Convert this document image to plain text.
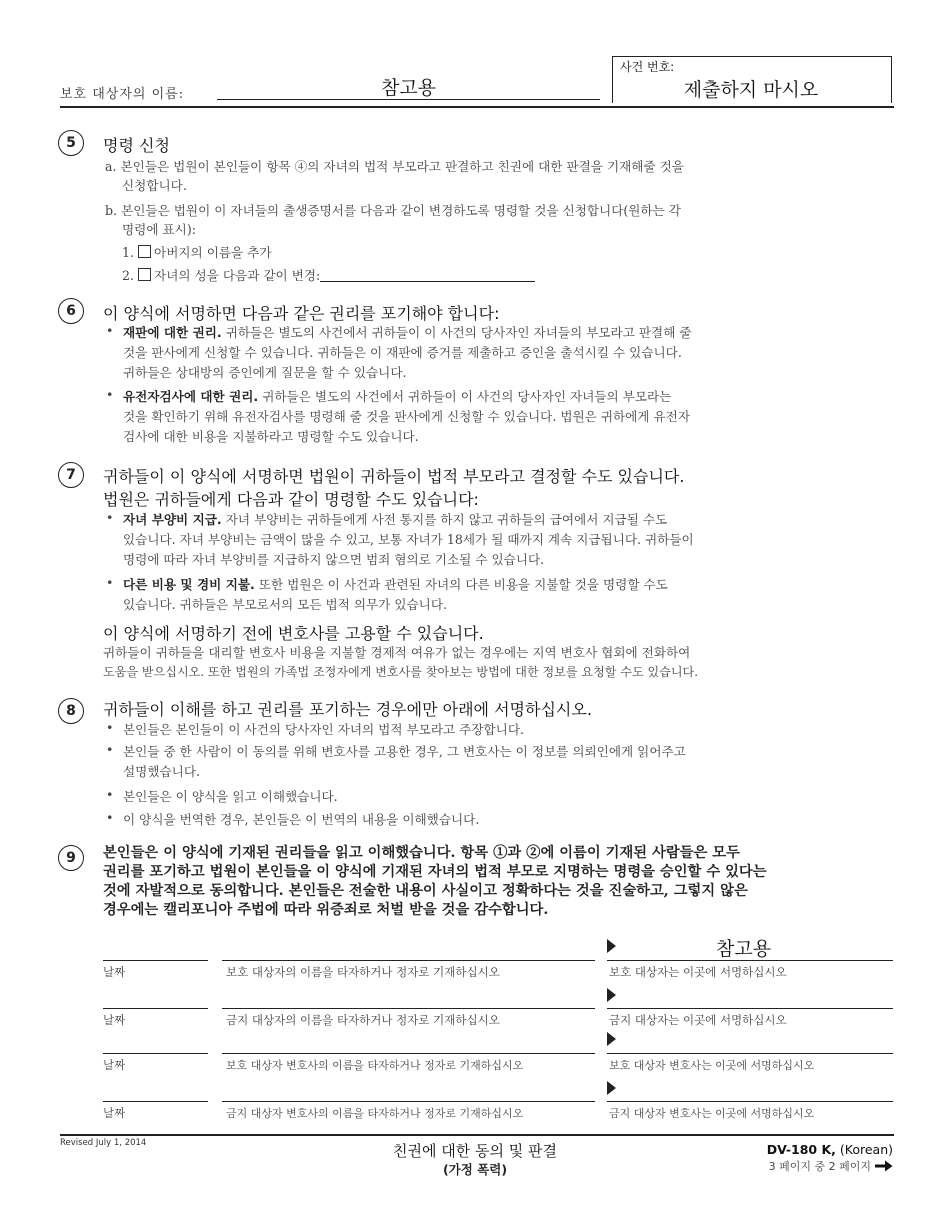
보호 대상자의 이름:	참고용
사건 번호:
제출하지 마시오
5	명령 신청
a. 본인들은 법원이 본인들이 항목 ④의 자녀의 법적 부모라고 판결하고 친권에 대한 판결을 기재해줄 것을
신청합니다.
b. 본인들은 법원이 이 자녀들의 출생증명서를 다음과 같이 변경하도록 명령할 것을 신청합니다(원하는 각
명령에 표시):
1. 아버지의 이름을 추가
2. 자녀의 성을 다음과 같이 변경:
6	이 양식에 서명하면 다음과 같은 권리를 포기해야 합니다:
• 재판에 대한 권리. 귀하들은 별도의 사건에서 귀하들이 이 사건의 당사자인 자녀들의 부모라고 판결해 줄
것을 판사에게 신청할 수 있습니다. 귀하들은 이 재판에 증거를 제출하고 증인을 출석시킬 수 있습니다.
귀하들은 상대방의 증인에게 질문을 할 수 있습니다.
• 유전자검사에 대한 권리. 귀하들은 별도의 사건에서 귀하들이 이 사건의 당사자인 자녀들의 부모라는
것을 확인하기 위해 유전자검사를 명령해 줄 것을 판사에게 신청할 수 있습니다. 법원은 귀하에게 유전자
검사에 대한 비용을 지불하라고 명령할 수도 있습니다.
7	귀하들이 이 양식에 서명하면 법원이 귀하들이 법적 부모라고 결정할 수도 있습니다.
법원은 귀하들에게 다음과 같이 명령할 수도 있습니다:
• 자녀 부양비 지급. 자녀 부양비는 귀하들에게 사전 통지를 하지 않고 귀하들의 급여에서 지급될 수도
있습니다. 자녀 부양비는 금액이 많을 수 있고, 보통 자녀가 18세가 될 때까지 계속 지급됩니다. 귀하들이
명령에 따라 자녀 부양비를 지급하지 않으면 범죄 혐의로 기소될 수 있습니다.
• 다른 비용 및 경비 지불. 또한 법원은 이 사건과 관련된 자녀의 다른 비용을 지불할 것을 명령할 수도
있습니다. 귀하들은 부모로서의 모든 법적 의무가 있습니다.
이 양식에 서명하기 전에 변호사를 고용할 수 있습니다.
귀하들이 귀하들을 대리할 변호사 비용을 지불할 경제적 여유가 없는 경우에는 지역 변호사 협회에 전화하여
도움을 받으십시오. 또한 법원의 가족법 조정자에게 변호사를 찾아보는 방법에 대한 정보를 요청할 수도 있습니다.
8	귀하들이 이해를 하고 권리를 포기하는 경우에만 아래에 서명하십시오.
• 본인들은 본인들이 이 사건의 당사자인 자녀의 법적 부모라고 주장합니다.
• 본인들 중 한 사람이 이 동의를 위해 변호사를 고용한 경우, 그 변호사는 이 정보를 의뢰인에게 읽어주고
설명했습니다.
• 본인들은 이 양식을 읽고 이해했습니다.
• 이 양식을 번역한 경우, 본인들은 이 번역의 내용을 이해했습니다.
9	본인들은 이 양식에 기재된 권리들을 읽고 이해했습니다. 항목 ①과 ②에 이름이 기재된 사람들은 모두
권리를 포기하고 법원이 본인들을 이 양식에 기재된 자녀의 법적 부모로 지명하는 명령을 승인할 수 있다는
것에 자발적으로 동의합니다. 본인들은 전술한 내용이 사실이고 정확하다는 것을 진술하고, 그렇지 않은
경우에는 캘리포니아 주법에 따라 위증죄로 처벌 받을 것을 감수합니다.
참고용
날짜	보호 대상자의 이름을 타자하거나 정자로 기재하십시오	보호 대상자는 이곳에 서명하십시오
날짜	금지 대상자의 이름을 타자하거나 정자로 기재하십시오	금지 대상자는 이곳에 서명하십시오
날짜	보호 대상자 변호사의 이름을 타자하거나 정자로 기재하십시오	보호 대상자 변호사는 이곳에 서명하십시오
날짜	금지 대상자 변호사의 이름을 타자하거나 정자로 기재하십시오	금지 대상자 변호사는 이곳에 서명하십시오
Revised July 1, 2014	친권에 대한 동의 및 판결
(가정 폭력)
DV-180 K, (Korean)
3 페이지 중 2 페이지
